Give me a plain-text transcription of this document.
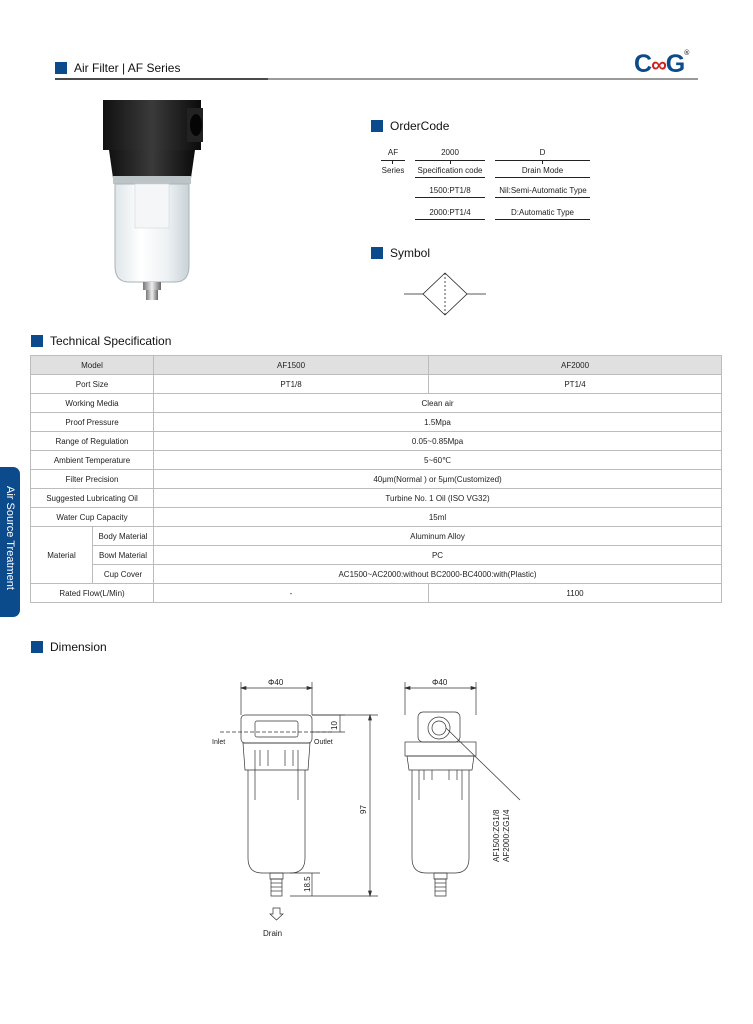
Air Filter | AF Series	C∞G®
OrderCode
AF	2000	D
Series	Specification code	Drain Mode
1500:PT1/8	Nil:Semi-Automatic Type
2000:PT1/4	D:Automatic Type
Symbol
Technical Specification
Model		AF1500	AF2000
Port Size		PT1/8	PT1/4
Working Media		Clean air	
Proof Pressure		1.5Mpa	
Range of Regulation		0.05~0.85Mpa	
Ambient Temperature		5~60℃	
Filter Precision		40μm(Normal ) or 5μm(Customized)	
Suggested Lubricating Oil		Turbine No. 1 Oil (ISO VG32)	
Water Cup Capacity		15ml	
Material	Body Material	Aluminum Alloy	
	Bowl Material	PC	
	Cup Cover	AC1500~AC2000:without BC2000-BC4000:with(Plastic)	
Rated Flow(L/Min)		-	1100
Air Source Treatment
Dimension
Φ40	Φ40
Inlet	Outlet
Drain
10
97
18.5
AF1500:ZG1/8 AF2000:ZG1/4
